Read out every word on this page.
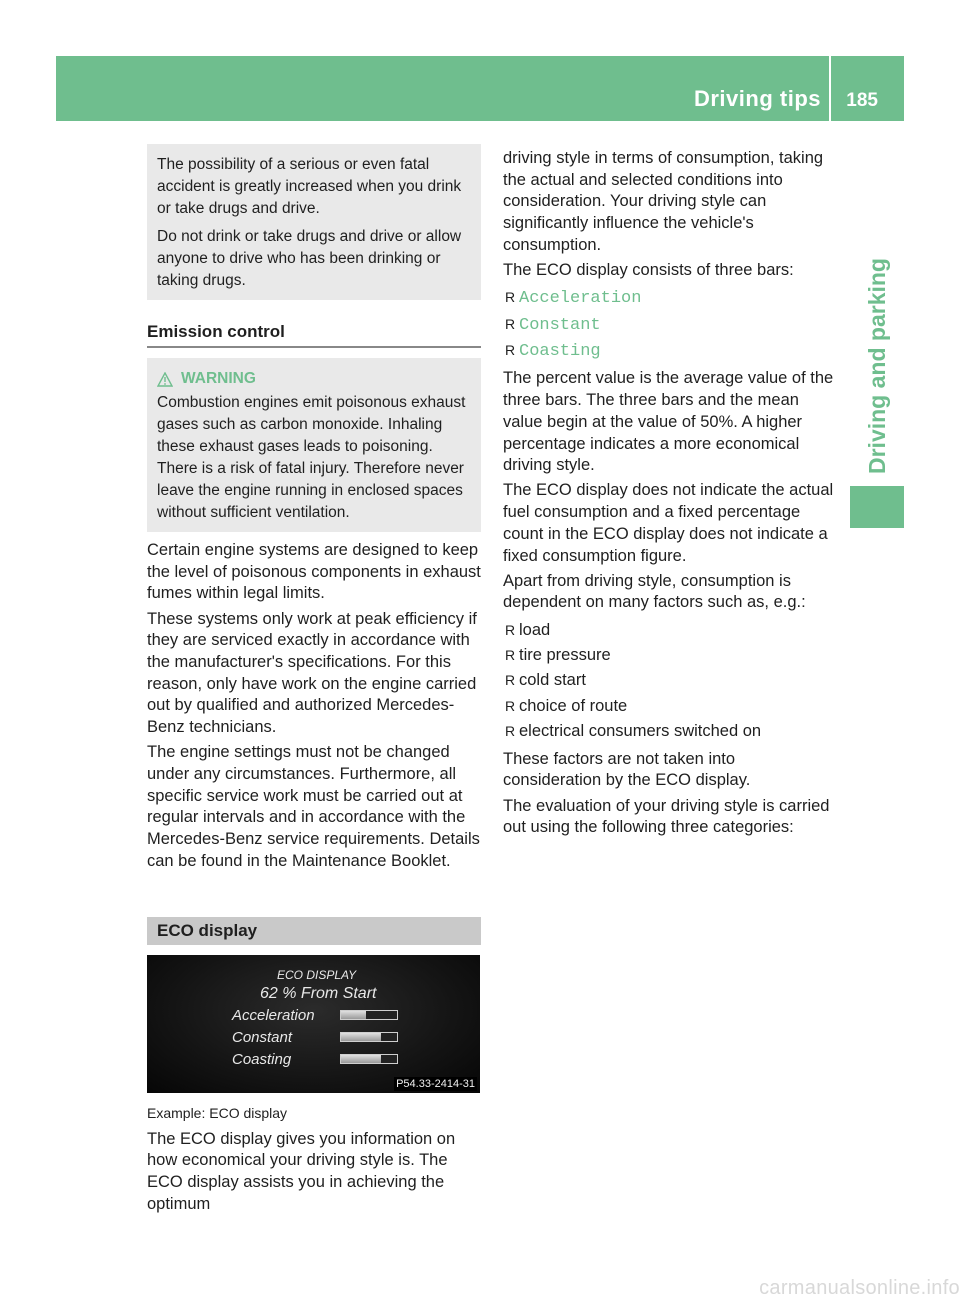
Driving tips 185
Driving and parking

The possibility of a serious or even fatal accident is greatly increased when you drink or take drugs and drive.

Do not drink or take drugs and drive or allow anyone to drive who has been drinking or taking drugs.

Emission control
WARNING

Combustion engines emit poisonous exhaust gases such as carbon monoxide. Inhaling these exhaust gases leads to poisoning. There is a risk of fatal injury. Therefore never leave the engine running in enclosed spaces without sufficient ventilation.

Certain engine systems are designed to keep the level of poisonous components in exhaust fumes within legal limits.

These systems only work at peak efficiency if they are serviced exactly in accordance with the manufacturer's specifications. For this reason, only have work on the engine carried out by qualified and authorized Mercedes-Benz technicians.

The engine settings must not be changed under any circumstances. Furthermore, all specific service work must be carried out at regular intervals and in accordance with the Mercedes-Benz service requirements. Details can be found in the Maintenance Booklet.

ECO display
ECO DISPLAY
62 % From Start
Acceleration
Constant
Coasting
P54.33-2414-31
Example: ECO display
The ECO display gives you information on how economical your driving style is. The ECO display assists you in achieving the optimum

driving style in terms of consumption, taking the actual and selected conditions into consideration. Your driving style can significantly influence the vehicle's consumption.

The ECO display consists of three bars:

R Acceleration
R Constant
R Coasting

The percent value is the average value of the three bars. The three bars and the mean value begin at the value of 50%. A higher percentage indicates a more economical driving style.

The ECO display does not indicate the actual fuel consumption and a fixed percentage count in the ECO display does not indicate a fixed consumption figure.

Apart from driving style, consumption is dependent on many factors such as, e.g.:

R load
R tire pressure
R cold start
R choice of route
R electrical consumers switched on

These factors are not taken into consideration by the ECO display.

The evaluation of your driving style is carried out using the following three categories:

carmanualsonline.info
